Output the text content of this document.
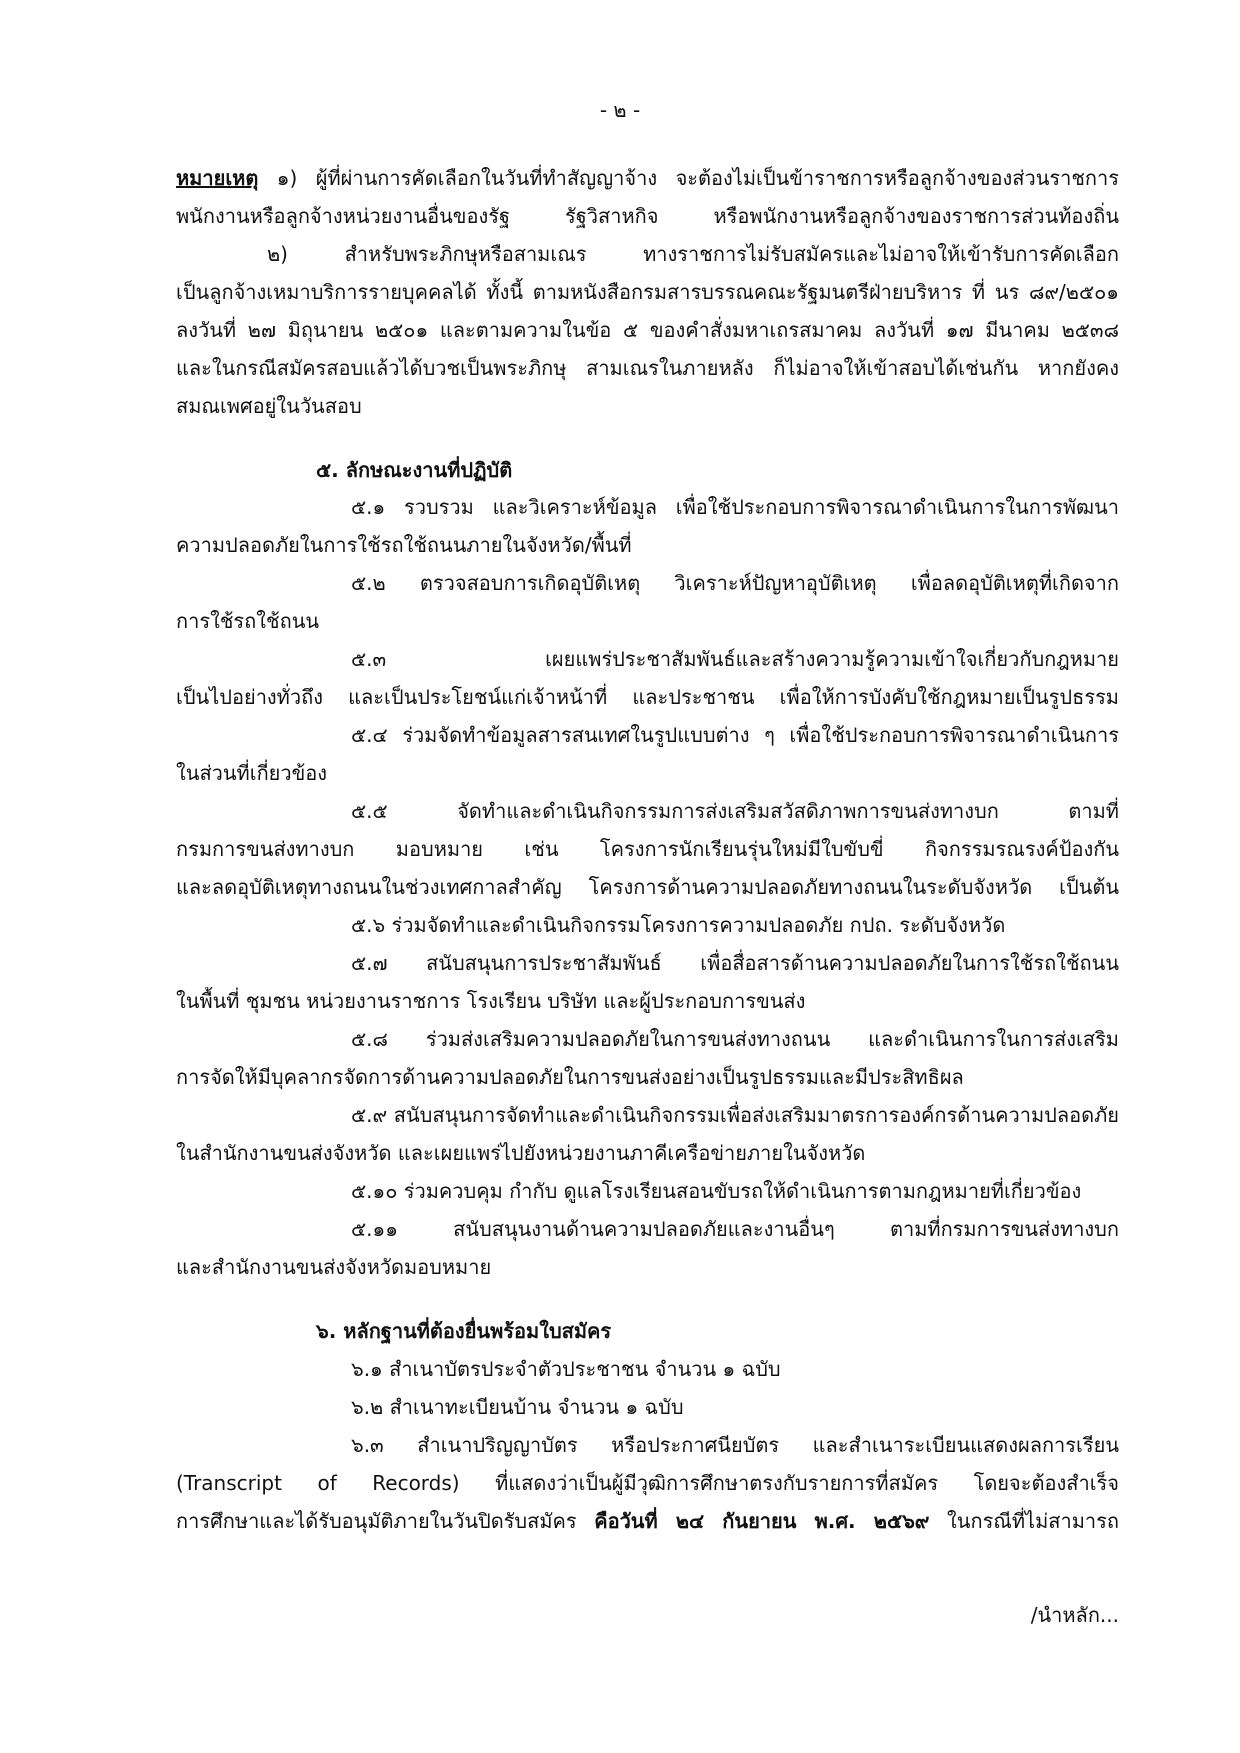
- ๒ -
หมายเหตุ ๑) ผู้ที่ผ่านการคัดเลือกในวันที่ทำสัญญาจ้าง จะต้องไม่เป็นข้าราชการหรือลูกจ้างของส่วนราชการ
พนักงานหรือลูกจ้างหน่วยงานอื่นของรัฐ รัฐวิสาหกิจ หรือพนักงานหรือลูกจ้างของราชการส่วนท้องถิ่น
๒) สำหรับพระภิกษุหรือสามเณร ทางราชการไม่รับสมัครและไม่อาจให้เข้ารับการคัดเลือก
เป็นลูกจ้างเหมาบริการรายบุคคลได้ ทั้งนี้ ตามหนังสือกรมสารบรรณคณะรัฐมนตรีฝ่ายบริหาร ที่ นร ๘๙/๒๕๐๑
ลงวันที่ ๒๗ มิถุนายน ๒๕๐๑ และตามความในข้อ ๕ ของคำสั่งมหาเถรสมาคม ลงวันที่ ๑๗ มีนาคม ๒๕๓๘
และในกรณีสมัครสอบแล้วได้บวชเป็นพระภิกษุ สามเณรในภายหลัง ก็ไม่อาจให้เข้าสอบได้เช่นกัน หากยังคง
สมณเพศอยู่ในวันสอบ
๕. ลักษณะงานที่ปฏิบัติ
๕.๑ รวบรวม และวิเคราะห์ข้อมูล เพื่อใช้ประกอบการพิจารณาดำเนินการในการพัฒนา
ความปลอดภัยในการใช้รถใช้ถนนภายในจังหวัด/พื้นที่
๕.๒ ตรวจสอบการเกิดอุบัติเหตุ วิเคราะห์ปัญหาอุบัติเหตุ เพื่อลดอุบัติเหตุที่เกิดจาก
การใช้รถใช้ถนน
๕.๓ เผยแพร่ประชาสัมพันธ์และสร้างความรู้ความเข้าใจเกี่ยวกับกฎหมาย
เป็นไปอย่างทั่วถึง และเป็นประโยชน์แก่เจ้าหน้าที่ และประชาชน เพื่อให้การบังคับใช้กฎหมายเป็นรูปธรรม
๕.๔ ร่วมจัดทำข้อมูลสารสนเทศในรูปแบบต่าง ๆ เพื่อใช้ประกอบการพิจารณาดำเนินการ
ในส่วนที่เกี่ยวข้อง
๕.๕ จัดทำและดำเนินกิจกรรมการส่งเสริมสวัสดิภาพการขนส่งทางบก ตามที่
กรมการขนส่งทางบก มอบหมาย เช่น โครงการนักเรียนรุ่นใหม่มีใบขับขี่ กิจกรรมรณรงค์ป้องกัน
และลดอุบัติเหตุทางถนนในช่วงเทศกาลสำคัญ โครงการด้านความปลอดภัยทางถนนในระดับจังหวัด เป็นต้น
๕.๖ ร่วมจัดทำและดำเนินกิจกรรมโครงการความปลอดภัย กปถ. ระดับจังหวัด
๕.๗ สนับสนุนการประชาสัมพันธ์ เพื่อสื่อสารด้านความปลอดภัยในการใช้รถใช้ถนน
ในพื้นที่ ชุมชน หน่วยงานราชการ โรงเรียน บริษัท และผู้ประกอบการขนส่ง
๕.๘ ร่วมส่งเสริมความปลอดภัยในการขนส่งทางถนน และดำเนินการในการส่งเสริม
การจัดให้มีบุคลากรจัดการด้านความปลอดภัยในการขนส่งอย่างเป็นรูปธรรมและมีประสิทธิผล
๕.๙ สนับสนุนการจัดทำและดำเนินกิจกรรมเพื่อส่งเสริมมาตรการองค์กรด้านความปลอดภัย
ในสำนักงานขนส่งจังหวัด และเผยแพร่ไปยังหน่วยงานภาคีเครือข่ายภายในจังหวัด
๕.๑๐ ร่วมควบคุม กำกับ ดูแลโรงเรียนสอนขับรถให้ดำเนินการตามกฎหมายที่เกี่ยวข้อง
๕.๑๑ สนับสนุนงานด้านความปลอดภัยและงานอื่นๆ ตามที่กรมการขนส่งทางบก
และสำนักงานขนส่งจังหวัดมอบหมาย
๖. หลักฐานที่ต้องยื่นพร้อมใบสมัคร
๖.๑ สำเนาบัตรประจำตัวประชาชน จำนวน ๑ ฉบับ
๖.๒ สำเนาทะเบียนบ้าน จำนวน ๑ ฉบับ
๖.๓ สำเนาปริญญาบัตร หรือประกาศนียบัตร และสำเนาระเบียนแสดงผลการเรียน
(Transcript of Records) ที่แสดงว่าเป็นผู้มีวุฒิการศึกษาตรงกับรายการที่สมัคร โดยจะต้องสำเร็จ
การศึกษาและได้รับอนุมัติภายในวันปิดรับสมัคร คือวันที่ ๒๔ กันยายน พ.ศ. ๒๕๖๙ ในกรณีที่ไม่สามารถ
/นำหลัก...
